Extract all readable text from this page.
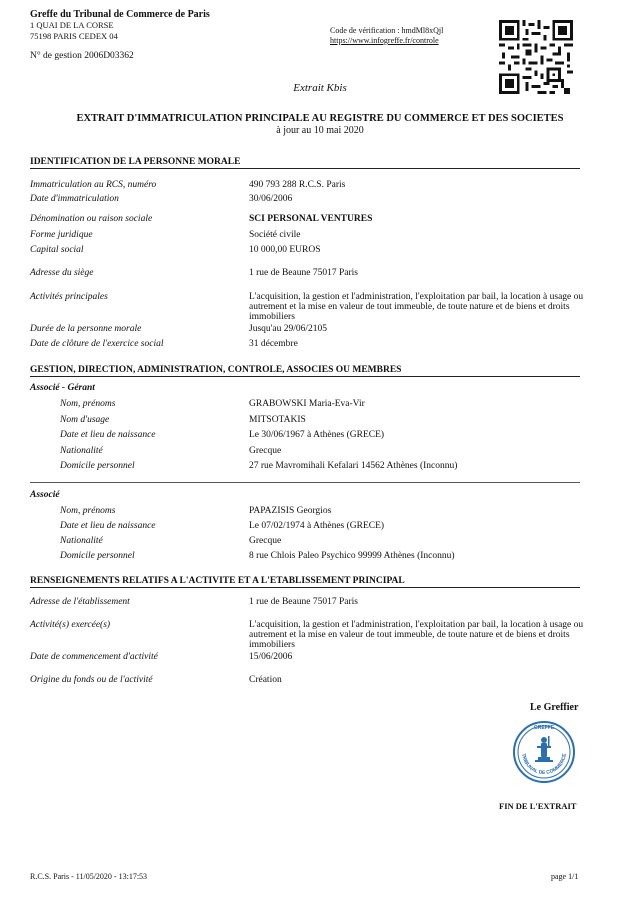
Greffe du Tribunal de Commerce de Paris
1 QUAI DE LA CORSE
75198 PARIS CEDEX 04
N° de gestion 2006D03362
Code de vérification : hmdMl8xQjl
https://www.infogreffe.fr/controle
Extrait Kbis
EXTRAIT D'IMMATRICULATION PRINCIPALE AU REGISTRE DU COMMERCE ET DES SOCIETES
à jour au 10 mai 2020
IDENTIFICATION DE LA PERSONNE MORALE
Immatriculation au RCS, numéro	490 793 288 R.C.S. Paris
Date d'immatriculation	30/06/2006
Dénomination ou raison sociale	SCI PERSONAL VENTURES
Forme juridique	Société civile
Capital social	10 000,00 EUROS
Adresse du siège	1 rue de Beaune 75017 Paris
Activités principales	L'acquisition, la gestion et l'administration, l'exploitation par bail, la location à usage ou autrement et la mise en valeur de tout immeuble, de toute nature et de biens et droits immobiliers
Durée de la personne morale	Jusqu'au 29/06/2105
Date de clôture de l'exercice social	31 décembre
GESTION, DIRECTION, ADMINISTRATION, CONTROLE, ASSOCIES OU MEMBRES
Associé - Gérant
Nom, prénoms	GRABOWSKI Maria-Eva-Vir
Nom d'usage	MITSOTAKIS
Date et lieu de naissance	Le 30/06/1967 à Athènes (GRECE)
Nationalité	Grecque
Domicile personnel	27 rue Mavromihali Kefalari 14562 Athènes (Inconnu)
Associé
Nom, prénoms	PAPAZISIS Georgios
Date et lieu de naissance	Le 07/02/1974 à Athènes (GRECE)
Nationalité	Grecque
Domicile personnel	8 rue Chlois Paleo Psychico 99999 Athènes (Inconnu)
RENSEIGNEMENTS RELATIFS A L'ACTIVITE ET A L'ETABLISSEMENT PRINCIPAL
Adresse de l'établissement	1 rue de Beaune 75017 Paris
Activité(s) exercée(s)	L'acquisition, la gestion et l'administration, l'exploitation par bail, la location à usage ou autrement et la mise en valeur de tout immeuble, de toute nature et de biens et droits immobiliers
Date de commencement d'activité	15/06/2006
Origine du fonds ou de l'activité	Création
Le Greffier
GREFFE
TRIBUNAL DE COMMERCE
FIN DE L'EXTRAIT
R.C.S. Paris - 11/05/2020 - 13:17:53	page 1/1
